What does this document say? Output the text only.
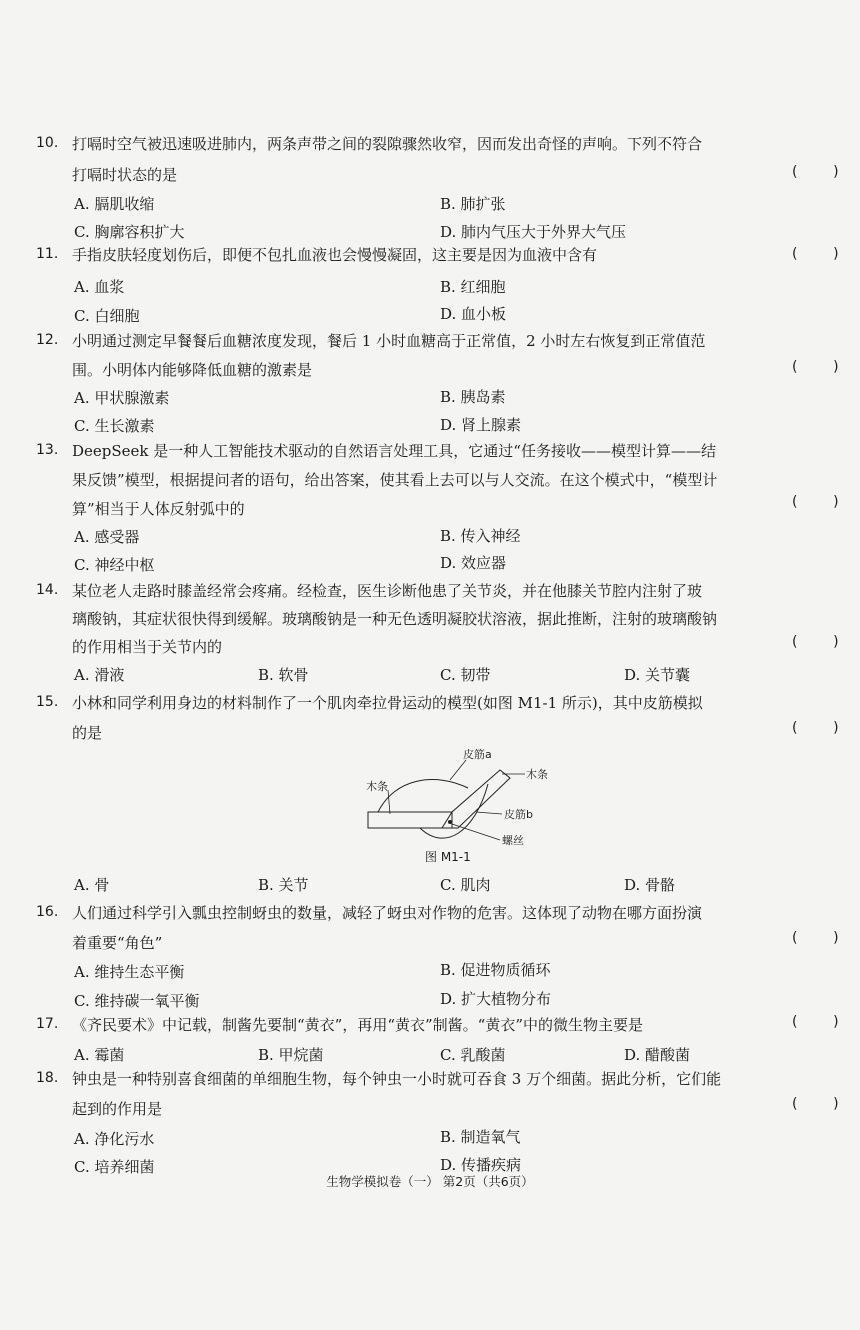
10. 打嗝时空气被迅速吸进肺内，两条声带之间的裂隙骤然收窄，因而发出奇怪的声响。下列不符合
打嗝时状态的是	(        )
A. 膈肌收缩	B. 肺扩张
C. 胸廓容积扩大	D. 肺内气压大于外界大气压
11. 手指皮肤轻度划伤后，即便不包扎血液也会慢慢凝固，这主要是因为血液中含有	(        )
A. 血浆	B. 红细胞
C. 白细胞	D. 血小板
12. 小明通过测定早餐餐后血糖浓度发现，餐后 1 小时血糖高于正常值，2 小时左右恢复到正常值范
围。小明体内能够降低血糖的激素是	(        )
A. 甲状腺激素	B. 胰岛素
C. 生长激素	D. 肾上腺素
13. DeepSeek 是一种人工智能技术驱动的自然语言处理工具，它通过“任务接收——模型计算——结
果反馈”模型，根据提问者的语句，给出答案，使其看上去可以与人交流。在这个模式中，“模型计
算”相当于人体反射弧中的	(        )
A. 感受器	B. 传入神经
C. 神经中枢	D. 效应器
14. 某位老人走路时膝盖经常会疼痛。经检查，医生诊断他患了关节炎，并在他膝关节腔内注射了玻
璃酸钠，其症状很快得到缓解。玻璃酸钠是一种无色透明凝胶状溶液，据此推断，注射的玻璃酸钠
的作用相当于关节内的	(        )
A. 滑液	B. 软骨	C. 韧带	D. 关节囊
15. 小林和同学利用身边的材料制作了一个肌肉牵拉骨运动的模型(如图 M1-1 所示)，其中皮筋模拟
的是	(        )
皮筋a
木条
木条
皮筋b
螺丝
图 M1-1
A. 骨	B. 关节	C. 肌肉	D. 骨骼
16. 人们通过科学引入瓢虫控制蚜虫的数量，减轻了蚜虫对作物的危害。这体现了动物在哪方面扮演
着重要“角色”	(        )
A. 维持生态平衡	B. 促进物质循环
C. 维持碳一氧平衡	D. 扩大植物分布
17. 《齐民要术》中记载，制酱先要制“黄衣”，再用“黄衣”制酱。“黄衣”中的微生物主要是	(        )
A. 霉菌	B. 甲烷菌	C. 乳酸菌	D. 醋酸菌
18. 钟虫是一种特别喜食细菌的单细胞生物，每个钟虫一小时就可吞食 3 万个细菌。据此分析，它们能
起到的作用是	(        )
A. 净化污水	B. 制造氧气
C. 培养细菌	D. 传播疾病
生物学模拟卷（一） 第2页（共6页）
